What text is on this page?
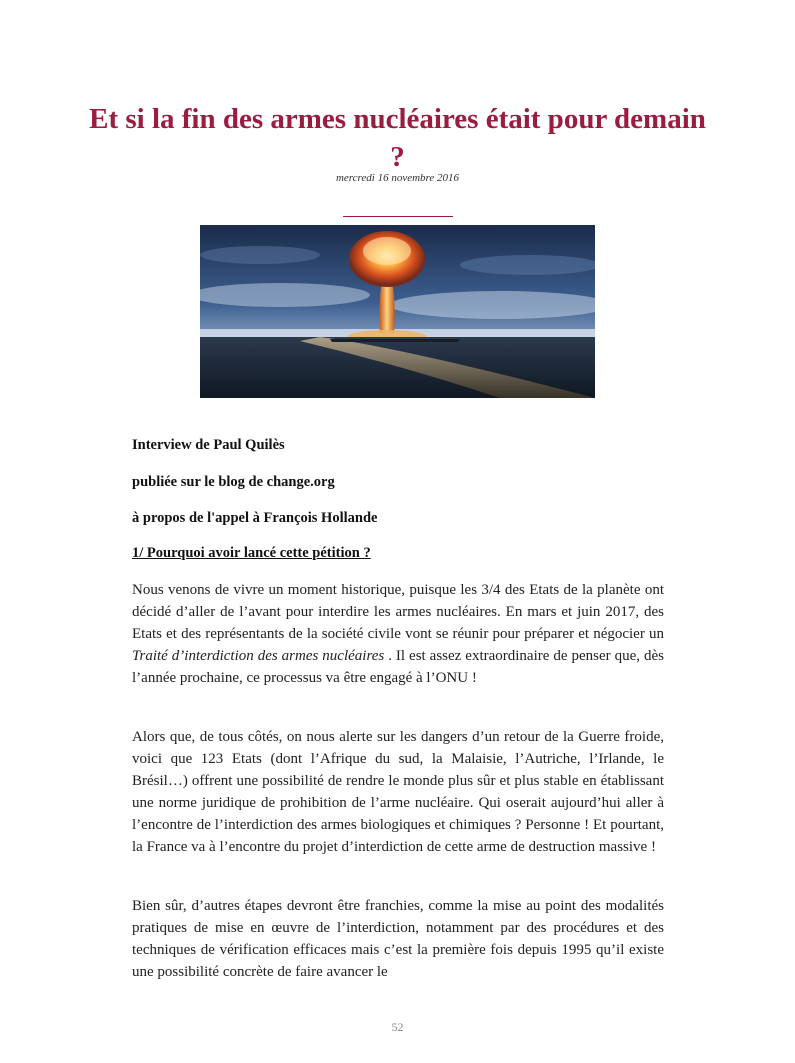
Et si la fin des armes nucléaires était pour demain ?
mercredi 16 novembre 2016
Interview de Paul Quilès
publiée sur le blog de change.org
à propos de l'appel à François Hollande
1/ Pourquoi avoir lancé cette pétition ?

Nous venons de vivre un moment historique, puisque les 3/4 des Etats de la planète ont décidé d’aller de l’avant pour interdire les armes nucléaires. En mars et juin 2017, des Etats et des représentants de la société civile vont se réunir pour préparer et négocier un Traité d’interdiction des armes nucléaires . Il est assez extraordinaire de penser que, dès l’année prochaine, ce processus va être engagé à l’ONU !

Alors que, de tous côtés, on nous alerte sur les dangers d’un retour de la Guerre froide, voici que 123 Etats (dont l’Afrique du sud, la Malaisie, l’Autriche, l’Irlande, le Brésil…) offrent une possibilité de rendre le monde plus sûr et plus stable en établissant une norme juridique de prohibition de l’arme nucléaire. Qui oserait aujourd’hui aller à l’encontre de l’interdiction des armes biologiques et chimiques ? Personne ! Et pourtant, la France va à l’encontre du projet d’interdiction de cette arme de destruction massive !

Bien sûr, d’autres étapes devront être franchies, comme la mise au point des modalités pratiques de mise en œuvre de l’interdiction, notamment par des procédures et des techniques de vérification efficaces mais c’est la première fois depuis 1995 qu’il existe une possibilité concrète de faire avancer le

52
